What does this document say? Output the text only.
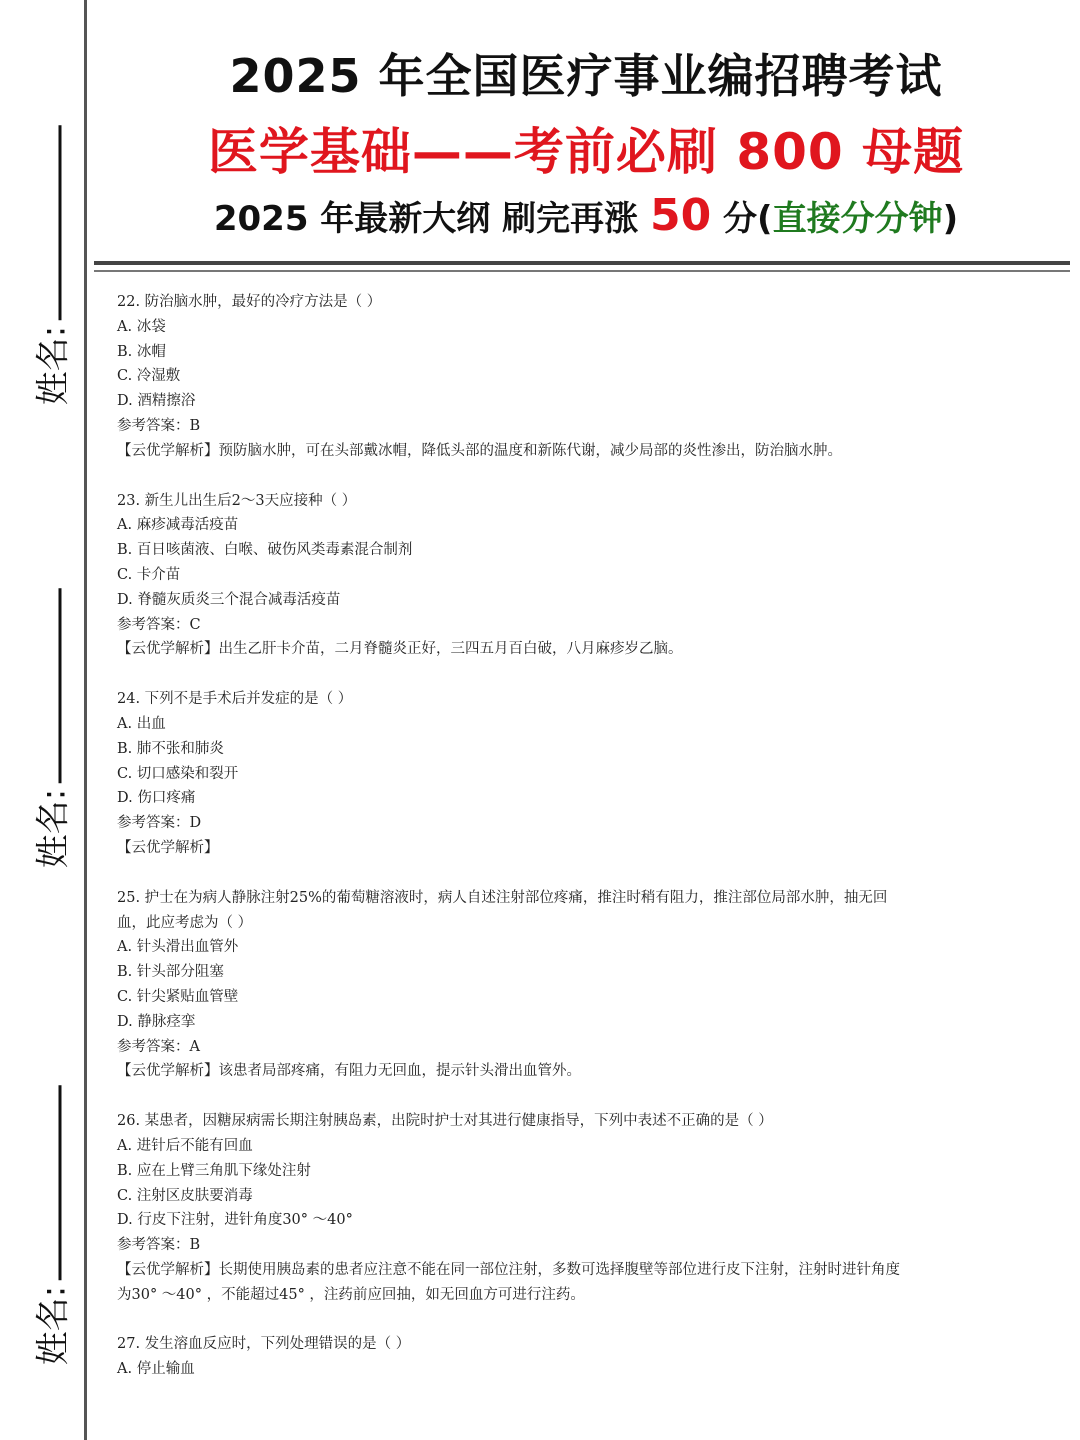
姓名:
姓名:
姓名:
2025 年全国医疗事业编招聘考试
医学基础——考前必刷 800 母题
2025 年最新大纲 刷完再涨 50 分(直接分分钟)
22. 防治脑水肿，最好的冷疗方法是（ ）
A. 冰袋
B. 冰帽
C. 冷湿敷
D. 酒精擦浴
参考答案：B
【云优学解析】预防脑水肿，可在头部戴冰帽，降低头部的温度和新陈代谢，减少局部的炎性渗出，防治脑水肿。
23. 新生儿出生后2～3天应接种（ ）
A. 麻疹减毒活疫苗
B. 百日咳菌液、白喉、破伤风类毒素混合制剂
C. 卡介苗
D. 脊髓灰质炎三个混合减毒活疫苗
参考答案：C
【云优学解析】出生乙肝卡介苗，二月脊髓炎正好，三四五月百白破，八月麻疹岁乙脑。
24. 下列不是手术后并发症的是（ ）
A. 出血
B. 肺不张和肺炎
C. 切口感染和裂开
D. 伤口疼痛
参考答案：D
【云优学解析】
25. 护士在为病人静脉注射25%的葡萄糖溶液时，病人自述注射部位疼痛，推注时稍有阻力，推注部位局部水肿，抽无回血，此应考虑为（ ）
A. 针头滑出血管外
B. 针头部分阻塞
C. 针尖紧贴血管壁
D. 静脉痉挛
参考答案：A
【云优学解析】该患者局部疼痛，有阻力无回血，提示针头滑出血管外。
26. 某患者，因糖尿病需长期注射胰岛素，出院时护士对其进行健康指导，下列中表述不正确的是（ ）
A. 进针后不能有回血
B. 应在上臂三角肌下缘处注射
C. 注射区皮肤要消毒
D. 行皮下注射，进针角度30° ～40°
参考答案：B
【云优学解析】长期使用胰岛素的患者应注意不能在同一部位注射，多数可选择腹壁等部位进行皮下注射，注射时进针角度为30° ～40° ，不能超过45° ，注药前应回抽，如无回血方可进行注药。
27. 发生溶血反应时，下列处理错误的是（ ）
A. 停止输血
